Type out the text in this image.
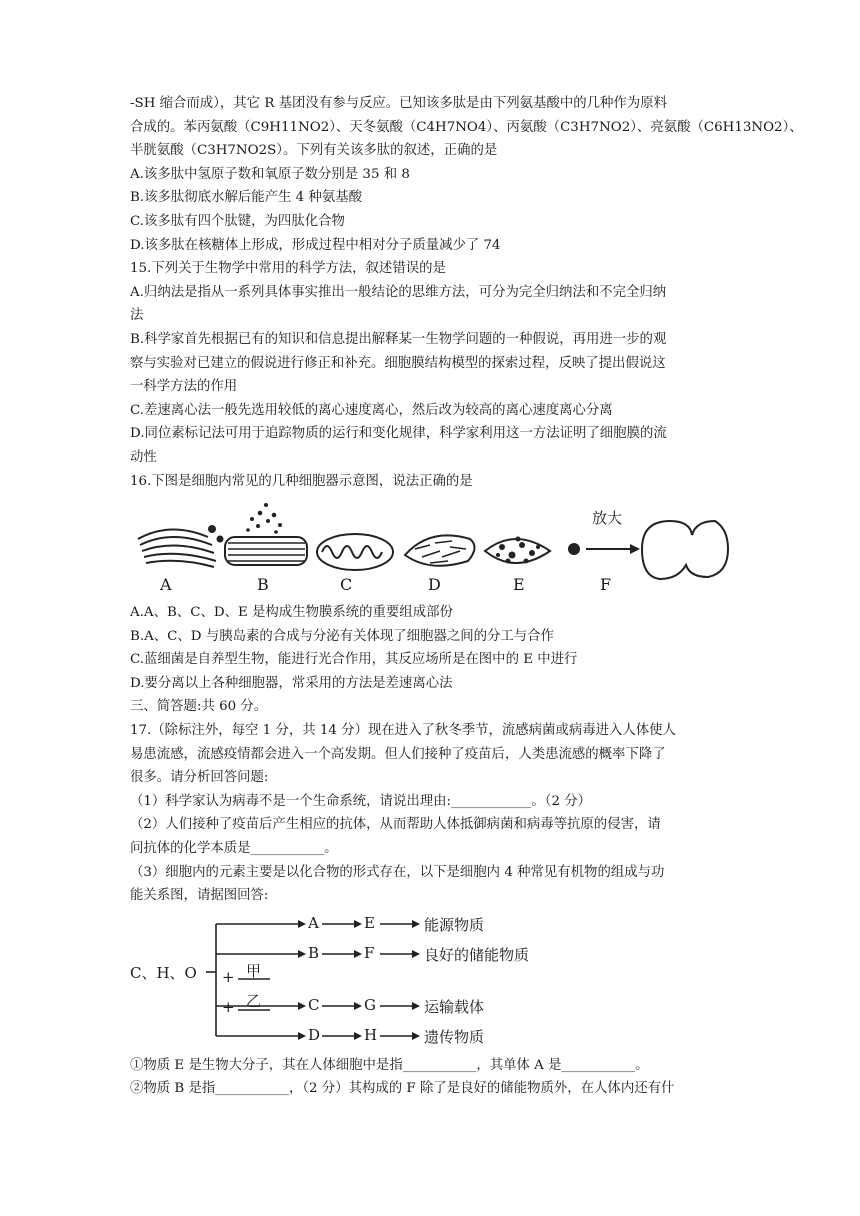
-SH 缩合而成），其它 R 基团没有参与反应。已知该多肽是由下列氨基酸中的几种作为原料
合成的。苯丙氨酸（C9H11NO2）、天冬氨酸（C4H7NO4）、丙氨酸（C3H7NO2）、亮氨酸（C6H13NO2）、
半胱氨酸（C3H7NO2S）。下列有关该多肽的叙述，正确的是
A.该多肽中氢原子数和氧原子数分别是 35 和 8
B.该多肽彻底水解后能产生 4 种氨基酸
C.该多肽有四个肽键，为四肽化合物
D.该多肽在核糖体上形成，形成过程中相对分子质量减少了 74
15.下列关于生物学中常用的科学方法，叙述错误的是
A.归纳法是指从一系列具体事实推出一般结论的思维方法，可分为完全归纳法和不完全归纳
法
B.科学家首先根据已有的知识和信息提出解释某一生物学问题的一种假说，再用进一步的观
察与实验对已建立的假说进行修正和补充。细胞膜结构模型的探索过程，反映了提出假说这
一科学方法的作用
C.差速离心法一般先选用较低的离心速度离心，然后改为较高的离心速度离心分离
D.同位素标记法可用于追踪物质的运行和变化规律，科学家利用这一方法证明了细胞膜的流
动性
16.下图是细胞内常见的几种细胞器示意图，说法正确的是
放大
A	B	C	D	E	F
A.A、B、C、D、E 是构成生物膜系统的重要组成部份
B.A、C、D 与胰岛素的合成与分泌有关体现了细胞器之间的分工与合作
C.蓝细菌是自养型生物，能进行光合作用，其反应场所是在图中的 E 中进行
D.要分离以上各种细胞器，常采用的方法是差速离心法
三、简答题:共 60 分。
17.（除标注外，每空 1 分，共 14 分）现在进入了秋冬季节，流感病菌或病毒进入人体使人
易患流感，流感疫情都会进入一个高发期。但人们接种了疫苗后，人类患流感的概率下降了
很多。请分析回答问题:
（1）科学家认为病毒不是一个生命系统，请说出理由:____________。（2 分）
（2）人们接种了疫苗后产生相应的抗体，从而帮助人体抵御病菌和病毒等抗原的侵害，请
问抗体的化学本质是___________。
（3）细胞内的元素主要是以化合物的形式存在，以下是细胞内 4 种常见有机物的组成与功
能关系图，请据图回答:
C、H、O + 甲
+ 乙
A	E	能源物质
B	F	良好的储能物质
C	G	运输载体
D	H	遗传物质
①物质 E 是生物大分子，其在人体细胞中是指___________，其单体 A 是___________。
②物质 B 是指___________，（2 分）其构成的 F 除了是良好的储能物质外，在人体内还有什
